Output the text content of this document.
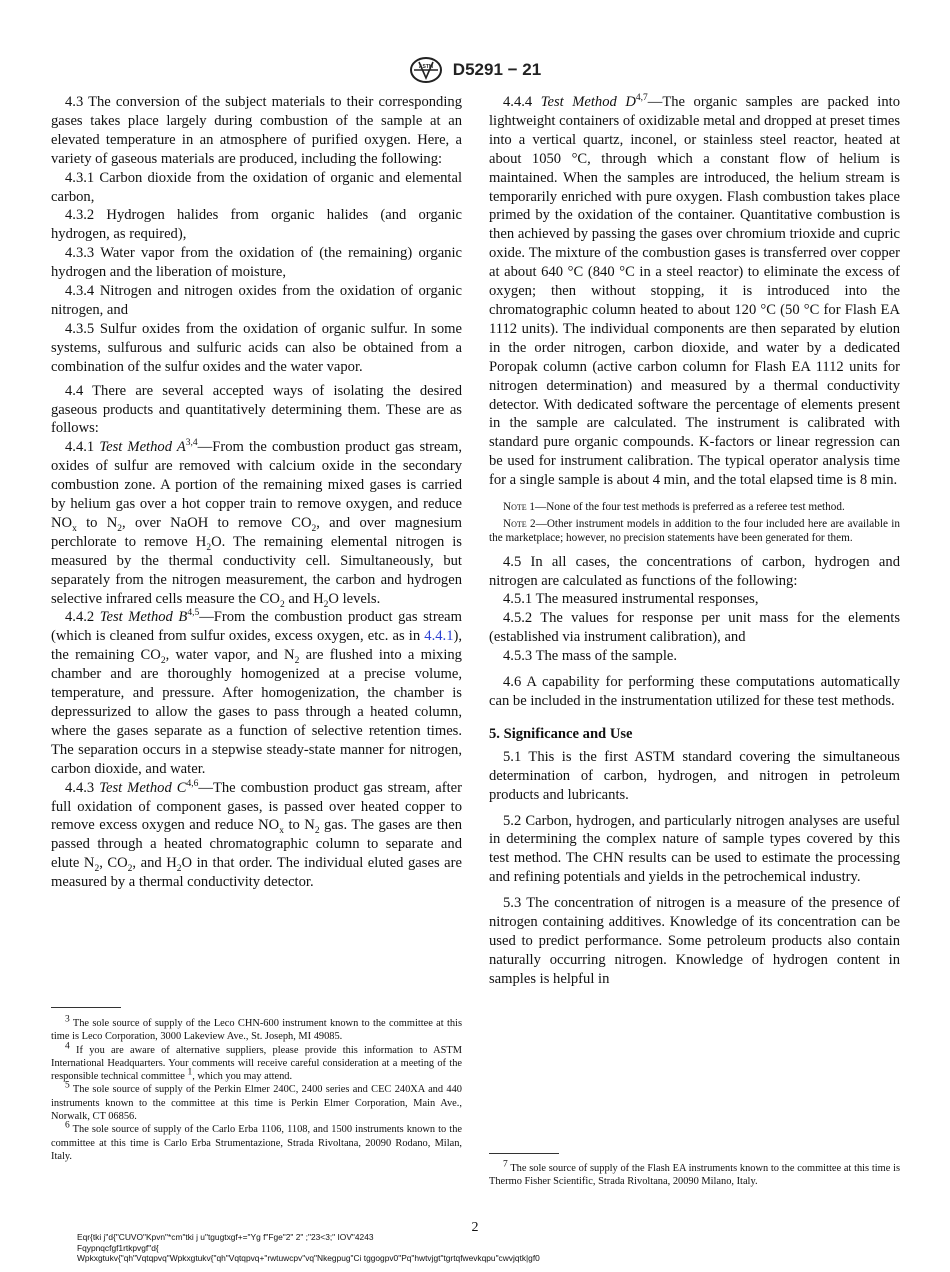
ASTM D5291 − 21

4.3 The conversion of the subject materials to their corresponding gases takes place largely during combustion of the sample at an elevated temperature in an atmosphere of purified oxygen. Here, a variety of gaseous materials are produced, including the following:

4.3.1 Carbon dioxide from the oxidation of organic and elemental carbon,

4.3.2 Hydrogen halides from organic halides (and organic hydrogen, as required),

4.3.3 Water vapor from the oxidation of (the remaining) organic hydrogen and the liberation of moisture,

4.3.4 Nitrogen and nitrogen oxides from the oxidation of organic nitrogen, and

4.3.5 Sulfur oxides from the oxidation of organic sulfur. In some systems, sulfurous and sulfuric acids can also be obtained from a combination of the sulfur oxides and the water vapor.

4.4 There are several accepted ways of isolating the desired gaseous products and quantitatively determining them. These are as follows:

4.4.1 Test Method A$^{3,4}$—From the combustion product gas stream, oxides of sulfur are removed with calcium oxide in the secondary combustion zone. A portion of the remaining mixed gases is carried by helium gas over a hot copper train to remove oxygen, and reduce $NO_x$ to $N_2$, over NaOH to remove $CO_2$, and over magnesium perchlorate to remove $H_2O$. The remaining elemental nitrogen is measured by the thermal conductivity cell. Simultaneously, but separately from the nitrogen measurement, the carbon and hydrogen selective infrared cells measure the $CO_2$ and $H_2O$ levels.

4.4.2 Test Method B$^{4,5}$—From the combustion product gas stream (which is cleaned from sulfur oxides, excess oxygen, etc. as in 4.4.1), the remaining $CO_2$, water vapor, and $N_2$ are flushed into a mixing chamber and are thoroughly homogenized at a precise volume, temperature, and pressure. After homogenization, the chamber is depressurized to allow the gases to pass through a heated column, where the gases separate as a function of selective retention times. The separation occurs in a stepwise steady-state manner for nitrogen, carbon dioxide, and water.

4.4.3 Test Method C$^{4,6}$—The combustion product gas stream, after full oxidation of component gases, is passed over heated copper to remove excess oxygen and reduce $NO_x$ to $N_2$ gas. The gases are then passed through a heated chromatographic column to separate and elute $N_2$, $CO_2$, and $H_2O$ in that order. The individual eluted gases are measured by a thermal conductivity detector.

4.4.4 Test Method D$^{4,7}$—The organic samples are packed into lightweight containers of oxidizable metal and dropped at preset times into a vertical quartz, inconel, or stainless steel reactor, heated at about 1050 °C, through which a constant flow of helium is maintained. When the samples are introduced, the helium stream is temporarily enriched with pure oxygen. Flash combustion takes place primed by the oxidation of the container. Quantitative combustion is then achieved by passing the gases over chromium trioxide and cupric oxide. The mixture of the combustion gases is transferred over copper at about 640 °C (840 °C in a steel reactor) to eliminate the excess of oxygen; then without stopping, it is introduced into the chromatographic column heated to about 120 °C (50 °C for Flash EA 1112 units). The individual components are then separated by elution in the order nitrogen, carbon dioxide, and water by a dedicated Poropak column (active carbon column for Flash EA 1112 units for nitrogen determination) and measured by a thermal conductivity detector. With dedicated software the percentage of elements present in the sample are calculated. The instrument is calibrated with standard pure organic compounds. K-factors or linear regression can be used for instrument calibration. The typical operator analysis time for a single sample is about 4 min, and the total elapsed time is 8 min.

Note 1—None of the four test methods is preferred as a referee test method.

Note 2—Other instrument models in addition to the four included here are available in the marketplace; however, no precision statements have been generated for them.

4.5 In all cases, the concentrations of carbon, hydrogen and nitrogen are calculated as functions of the following:

4.5.1 The measured instrumental responses,

4.5.2 The values for response per unit mass for the elements (established via instrument calibration), and

4.5.3 The mass of the sample.

4.6 A capability for performing these computations automatically can be included in the instrumentation utilized for these test methods.

5. Significance and Use

5.1 This is the first ASTM standard covering the simultaneous determination of carbon, hydrogen, and nitrogen in petroleum products and lubricants.

5.2 Carbon, hydrogen, and particularly nitrogen analyses are useful in determining the complex nature of sample types covered by this test method. The CHN results can be used to estimate the processing and refining potentials and yields in the petrochemical industry.

5.3 The concentration of nitrogen is a measure of the presence of nitrogen containing additives. Knowledge of its concentration can be used to predict performance. Some petroleum products also contain naturally occurring nitrogen. Knowledge of hydrogen content in samples is helpful in

$^3$ The sole source of supply of the Leco CHN-600 instrument known to the committee at this time is Leco Corporation, 3000 Lakeview Ave., St. Joseph, MI 49085.

$^4$ If you are aware of alternative suppliers, please provide this information to ASTM International Headquarters. Your comments will receive careful consideration at a meeting of the responsible technical committee $^1$, which you may attend.

$^5$ The sole source of supply of the Perkin Elmer 240C, 2400 series and CEC 240XA and 440 instruments known to the committee at this time is Perkin Elmer Corporation, Main Ave., Norwalk, CT 06856.

$^6$ The sole source of supply of the Carlo Erba 1106, 1108, and 1500 instruments known to the committee at this time is Carlo Erba Strumentazione, Strada Rivoltana, 20090 Rodano, Milan, Italy.

$^7$ The sole source of supply of the Flash EA instruments known to the committee at this time is Thermo Fisher Scientific, Strada Rivoltana, 20090 Milano, Italy.

2
Eqr{tki j"d{"CUVO"Kpvn"*cm"tki j u"tgugtxgf+="Yg f"Fge"2" 2" ;"23<3;" IOV"4243
Fqypnqcfgf1rtkpvgf"d{
Wpkxgtukv{"qh"Vqtqpvq"Wpkxgtukv{"qh"Vqtqpvq+"rwtuwcpv"vq"Nkegpug"Ci tggogpv0"Pq"hwtvjgt"tgrtqfwevkqpu"cwvjqtk|gf0
